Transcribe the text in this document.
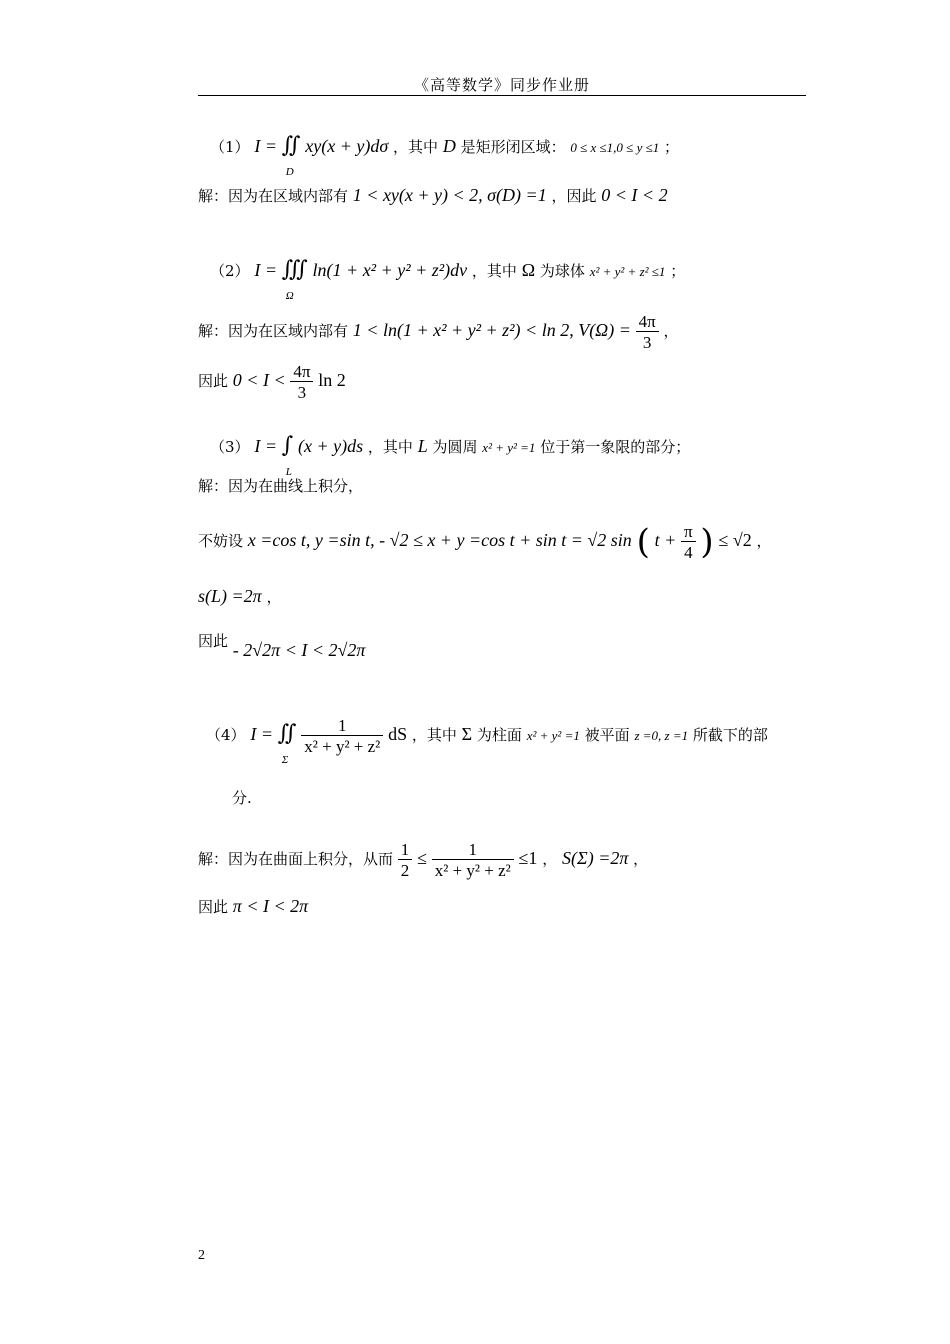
《高等数学》同步作业册
（1） I = ∬
D
xy(x + y)dσ ，其中 D 是矩形闭区域： 0 ≤ x ≤1,0 ≤ y ≤1 ；
解：因为在区域内部有 1 < xy(x + y) < 2, σ(D) =1 ，因此 0 < I < 2
（2） I = ∭
Ω
ln(1 + x² + y² + z²)dv ，其中 Ω 为球体 x² + y² + z² ≤1 ；
解：因为在区域内部有 1 < ln(1 + x² + y² + z²) < ln 2, $V(\Omega) = \frac{4\pi}{3}$ ，
因此 $0 < I < \frac{4\pi}{3}$ ln 2
（3） I = ∫
L
(x + y)ds ，其中 L 为圆周 x² + y² =1 位于第一象限的部分；
解：因为在曲线上积分，
不妨设 x =cos t, y =sin t, - √2 ≤ x + y =cos t + sin t = √2 sin ( $t + \frac{\pi}{4}$ ) ≤ √2 ，
s(L) =2π ，
因此 - 2√2π < I < 2√2π
（4） I = ∬
Σ

$\frac{1}{\text{x² + y² + z²}}$ dS ，其中 Σ 为柱面 x² + y² =1 被平面 z =0, z =1 所截下的部
分.
解：因为在曲面上积分，从而 $\frac{1}{2} \le \frac{1}{\text{x² + y² + z²}} \le 1$ ， S(Σ) =2π ，
因此 π < I < 2π
2
